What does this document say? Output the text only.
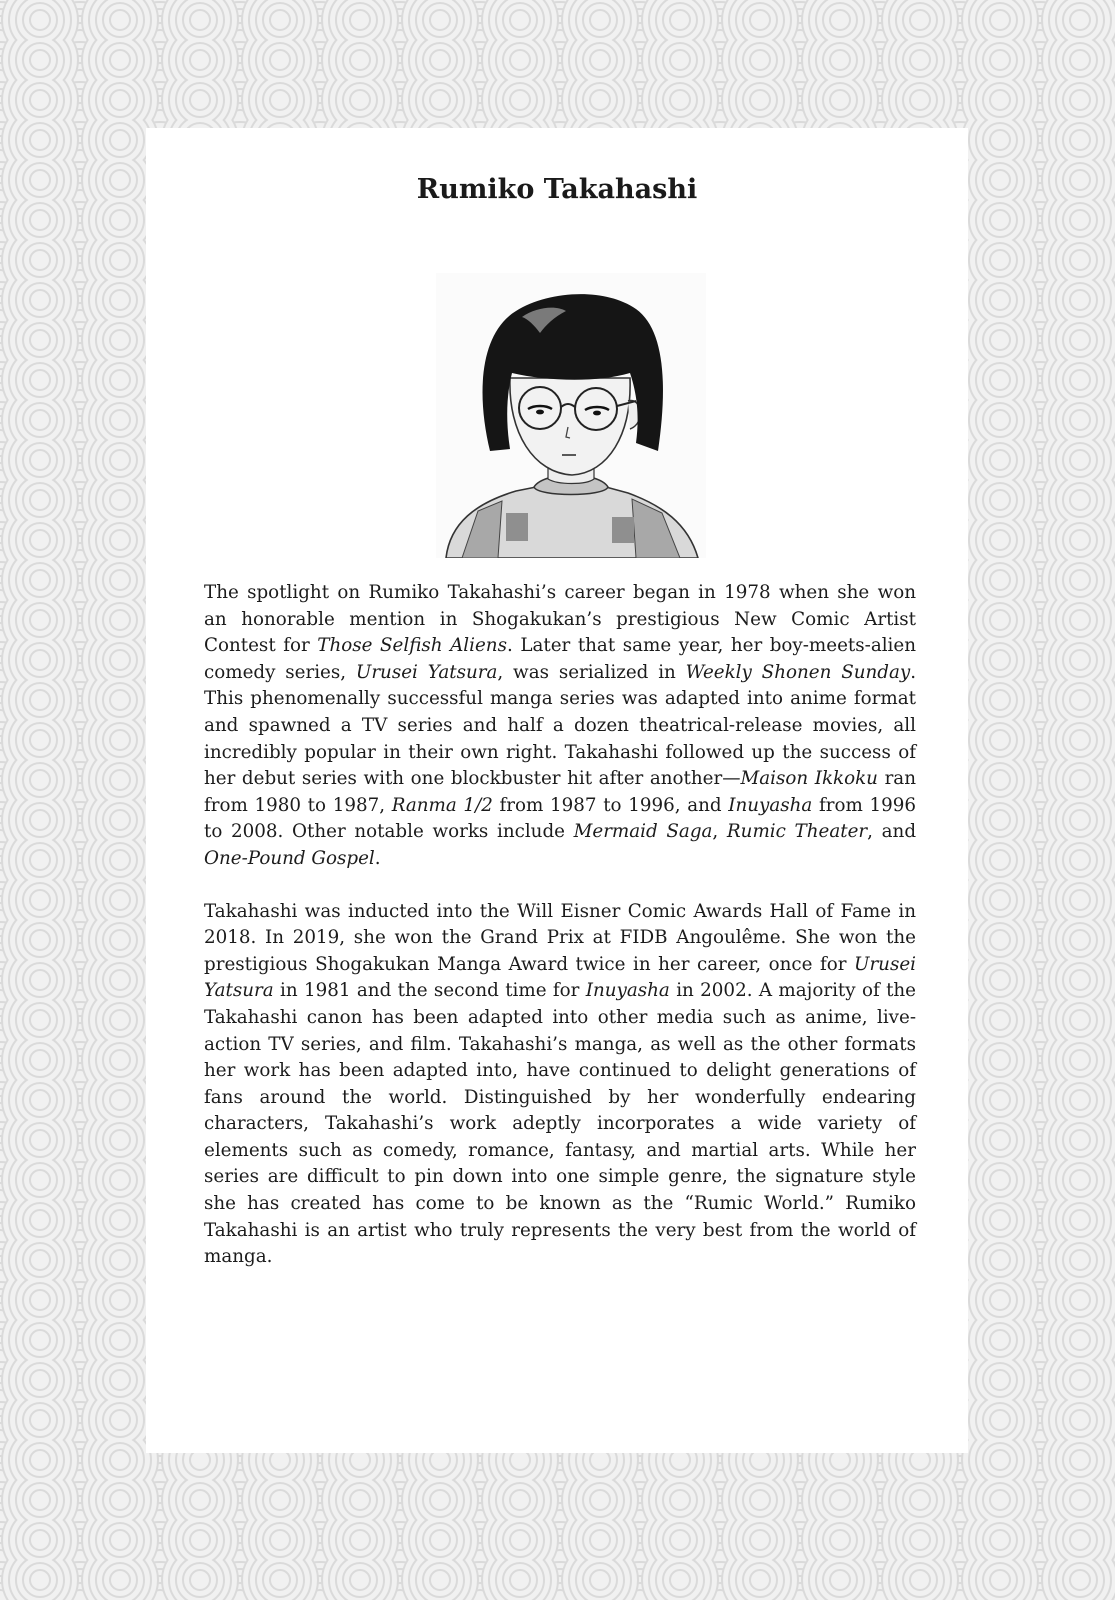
Rumiko Takahashi

The spotlight on Rumiko Takahashi’s career began in 1978 when she won an honorable mention in Shogakukan’s prestigious New Comic Artist Contest for Those Selfish Aliens. Later that same year, her boy-meets-alien comedy series, Urusei Yatsura, was serialized in Weekly Shonen Sunday. This phenomenally successful manga series was adapted into anime format and spawned a TV series and half a dozen theatrical-release movies, all incredibly popular in their own right. Takahashi followed up the success of her debut series with one blockbuster hit after another—Maison Ikkoku ran from 1980 to 1987, Ranma 1/2 from 1987 to 1996, and Inuyasha from 1996 to 2008. Other notable works include Mermaid Saga, Rumic Theater, and One-Pound Gospel.

Takahashi was inducted into the Will Eisner Comic Awards Hall of Fame in 2018. In 2019, she won the Grand Prix at FIDB Angoulême. She won the prestigious Shogakukan Manga Award twice in her career, once for Urusei Yatsura in 1981 and the second time for Inuyasha in 2002. A majority of the Takahashi canon has been adapted into other media such as anime, live-action TV series, and film. Takahashi’s manga, as well as the other formats her work has been adapted into, have continued to delight generations of fans around the world. Distinguished by her wonderfully endearing characters, Takahashi’s work adeptly incorporates a wide variety of elements such as comedy, romance, fantasy, and martial arts. While her series are difficult to pin down into one simple genre, the signature style she has created has come to be known as the “Rumic World.” Rumiko Takahashi is an artist who truly represents the very best from the world of manga.
